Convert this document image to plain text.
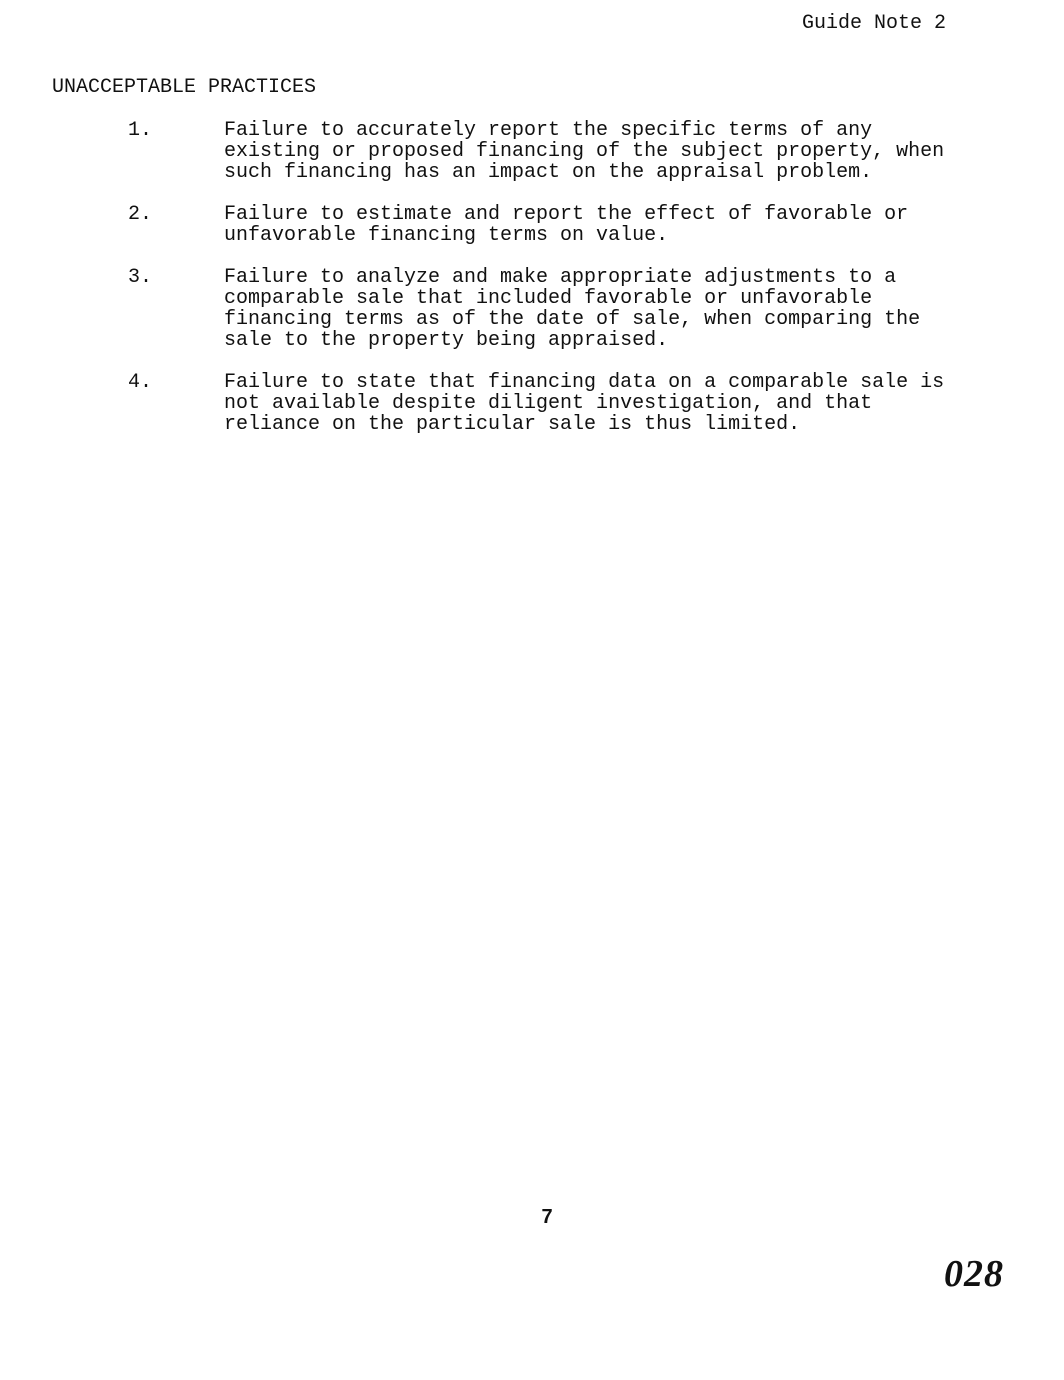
Guide Note 2
UNACCEPTABLE PRACTICES
1.	Failure to accurately report the specific terms of any
existing or proposed financing of the subject property, when
such financing has an impact on the appraisal problem.
2.	Failure to estimate and report the effect of favorable or
unfavorable financing terms on value.
3.	Failure to analyze and make appropriate adjustments to a
comparable sale that included favorable or unfavorable
financing terms as of the date of sale, when comparing the
sale to the property being appraised.
4.	Failure to state that financing data on a comparable sale is
not available despite diligent investigation, and that
reliance on the particular sale is thus limited.
7
028
